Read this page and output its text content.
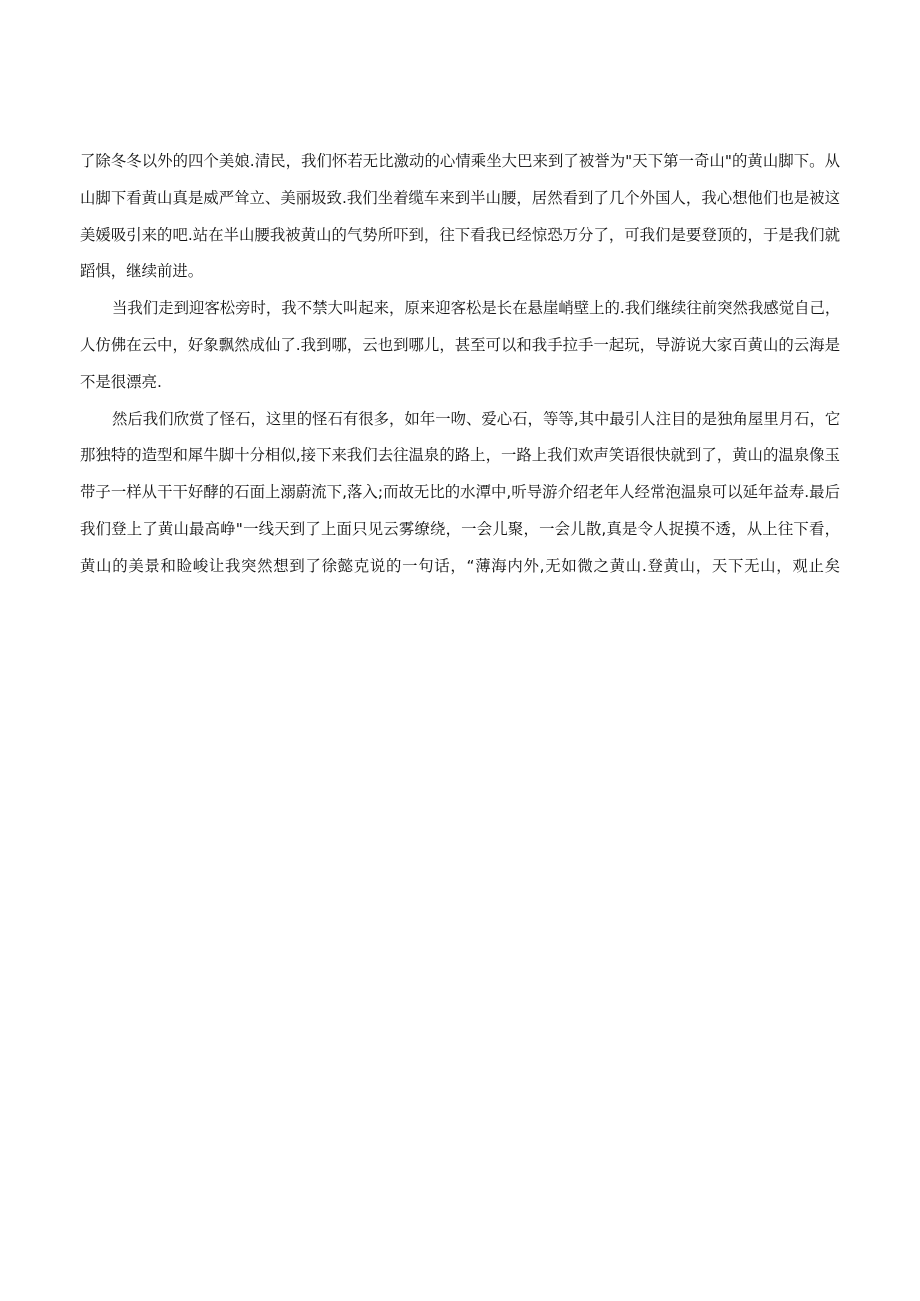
了除冬冬以外的四个美娘.清民，我们怀若无比激动的心情乘坐大巴来到了被誉为"天下第一奇山"的黄山脚下。从
山脚下看黄山真是威严耸立、美丽圾致.我们坐着缆车来到半山腰，居然看到了几个外国人，我心想他们也是被这
美媛吸引来的吧.站在半山腰我被黄山的气势所吓到，往下看我已经惊恐万分了，可我们是要登顶的，于是我们就
蹈惧，继续前进。
当我们走到迎客松旁时，我不禁大叫起来，原来迎客松是长在悬崖峭壁上的.我们继续往前突然我感觉自己，
人仿佛在云中，好象飘然成仙了.我到哪，云也到哪儿，甚至可以和我手拉手一起玩，导游说大家百黄山的云海是
不是很漂亮.
然后我们欣赏了怪石，这里的怪石有很多，如年一吻、爱心石，等等,其中最引人注目的是独角屋里月石，它
那独特的造型和犀牛脚十分相似,接下来我们去往温泉的路上，一路上我们欢声笑语很快就到了，黄山的温泉像玉
带子一样从干干好酵的石面上溺蔚流下,落入;而故无比的水潭中,听导游介绍老年人经常泡温泉可以延年益寿.最后
我们登上了黄山最高峥"一线天到了上面只见云雾缭绕，一会儿聚，一会儿散,真是令人捉摸不透，从上往下看，
黄山的美景和睑峻让我突然想到了徐懿克说的一句话，“薄海内外,无如微之黄山.登黄山，天下无山，观止矣
